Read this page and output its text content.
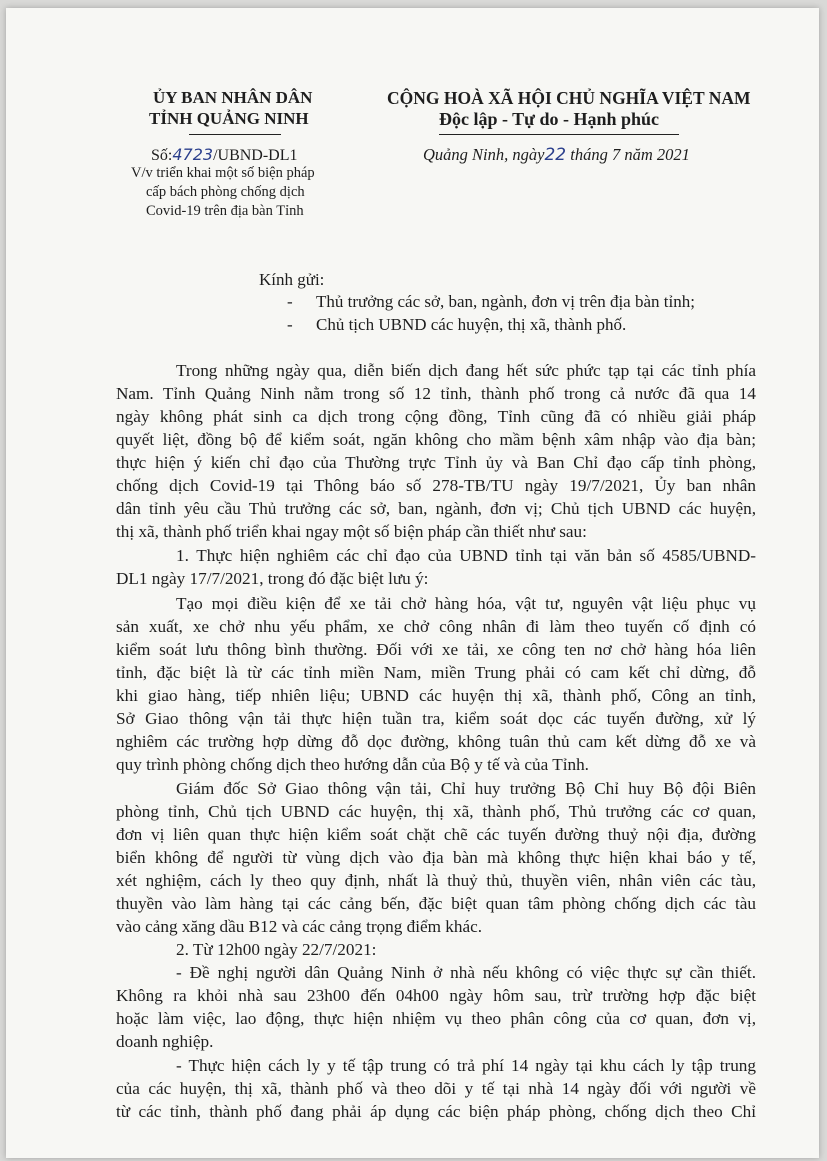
ỦY BAN NHÂN DÂN
TỈNH QUẢNG NINH
CỘNG HOÀ XÃ HỘI CHỦ NGHĨA VIỆT NAM
Độc lập - Tự do - Hạnh phúc
Số:4723/UBND-DL1
V/v triển khai một số biện pháp
cấp bách phòng chống dịch
Covid-19 trên địa bàn Tỉnh
Quảng Ninh, ngày22 tháng 7 năm 2021
Kính gửi:
- Thủ trưởng các sở, ban, ngành, đơn vị trên địa bàn tỉnh;
- Chủ tịch UBND các huyện, thị xã, thành phố.
Trong những ngày qua, diễn biến dịch đang hết sức phức tạp tại các tỉnh phía
Nam. Tỉnh Quảng Ninh nằm trong số 12 tỉnh, thành phố trong cả nước đã qua 14
ngày không phát sinh ca dịch trong cộng đồng, Tỉnh cũng đã có nhiều giải pháp
quyết liệt, đồng bộ để kiểm soát, ngăn không cho mầm bệnh xâm nhập vào địa bàn;
thực hiện ý kiến chỉ đạo của Thường trực Tỉnh ủy và Ban Chỉ đạo cấp tỉnh phòng,
chống dịch Covid-19 tại Thông báo số 278-TB/TU ngày 19/7/2021, Ủy ban nhân
dân tỉnh yêu cầu Thủ trưởng các sở, ban, ngành, đơn vị; Chủ tịch UBND các huyện,
thị xã, thành phố triển khai ngay một số biện pháp cần thiết như sau:
1. Thực hiện nghiêm các chỉ đạo của UBND tỉnh tại văn bản số 4585/UBND-
DL1 ngày 17/7/2021, trong đó đặc biệt lưu ý:
Tạo mọi điều kiện để xe tải chở hàng hóa, vật tư, nguyên vật liệu phục vụ
sản xuất, xe chở nhu yếu phẩm, xe chở công nhân đi làm theo tuyến cố định có
kiểm soát lưu thông bình thường. Đối với xe tải, xe công ten nơ chở hàng hóa liên
tỉnh, đặc biệt là từ các tỉnh miền Nam, miền Trung phải có cam kết chỉ dừng, đỗ
khi giao hàng, tiếp nhiên liệu; UBND các huyện thị xã, thành phố, Công an tỉnh,
Sở Giao thông vận tải thực hiện tuần tra, kiểm soát dọc các tuyến đường, xử lý
nghiêm các trường hợp dừng đỗ dọc đường, không tuân thủ cam kết dừng đỗ xe và
quy trình phòng chống dịch theo hướng dẫn của Bộ y tế và của Tỉnh.
Giám đốc Sở Giao thông vận tải, Chỉ huy trưởng Bộ Chỉ huy Bộ đội Biên
phòng tỉnh, Chủ tịch UBND các huyện, thị xã, thành phố, Thủ trưởng các cơ quan,
đơn vị liên quan thực hiện kiểm soát chặt chẽ các tuyến đường thuỷ nội địa, đường
biển không để người từ vùng dịch vào địa bàn mà không thực hiện khai báo y tế,
xét nghiệm, cách ly theo quy định, nhất là thuỷ thủ, thuyền viên, nhân viên các tàu,
thuyền vào làm hàng tại các cảng bến, đặc biệt quan tâm phòng chống dịch các tàu
vào cảng xăng dầu B12 và các cảng trọng điểm khác.
2. Từ 12h00 ngày 22/7/2021:
- Đề nghị người dân Quảng Ninh ở nhà nếu không có việc thực sự cần thiết.
Không ra khỏi nhà sau 23h00 đến 04h00 ngày hôm sau, trừ trường hợp đặc biệt
hoặc làm việc, lao động, thực hiện nhiệm vụ theo phân công của cơ quan, đơn vị,
doanh nghiệp.
- Thực hiện cách ly y tế tập trung có trả phí 14 ngày tại khu cách ly tập trung
của các huyện, thị xã, thành phố và theo dõi y tế tại nhà 14 ngày đối với người về
từ các tỉnh, thành phố đang phải áp dụng các biện pháp phòng, chống dịch theo Chỉ
